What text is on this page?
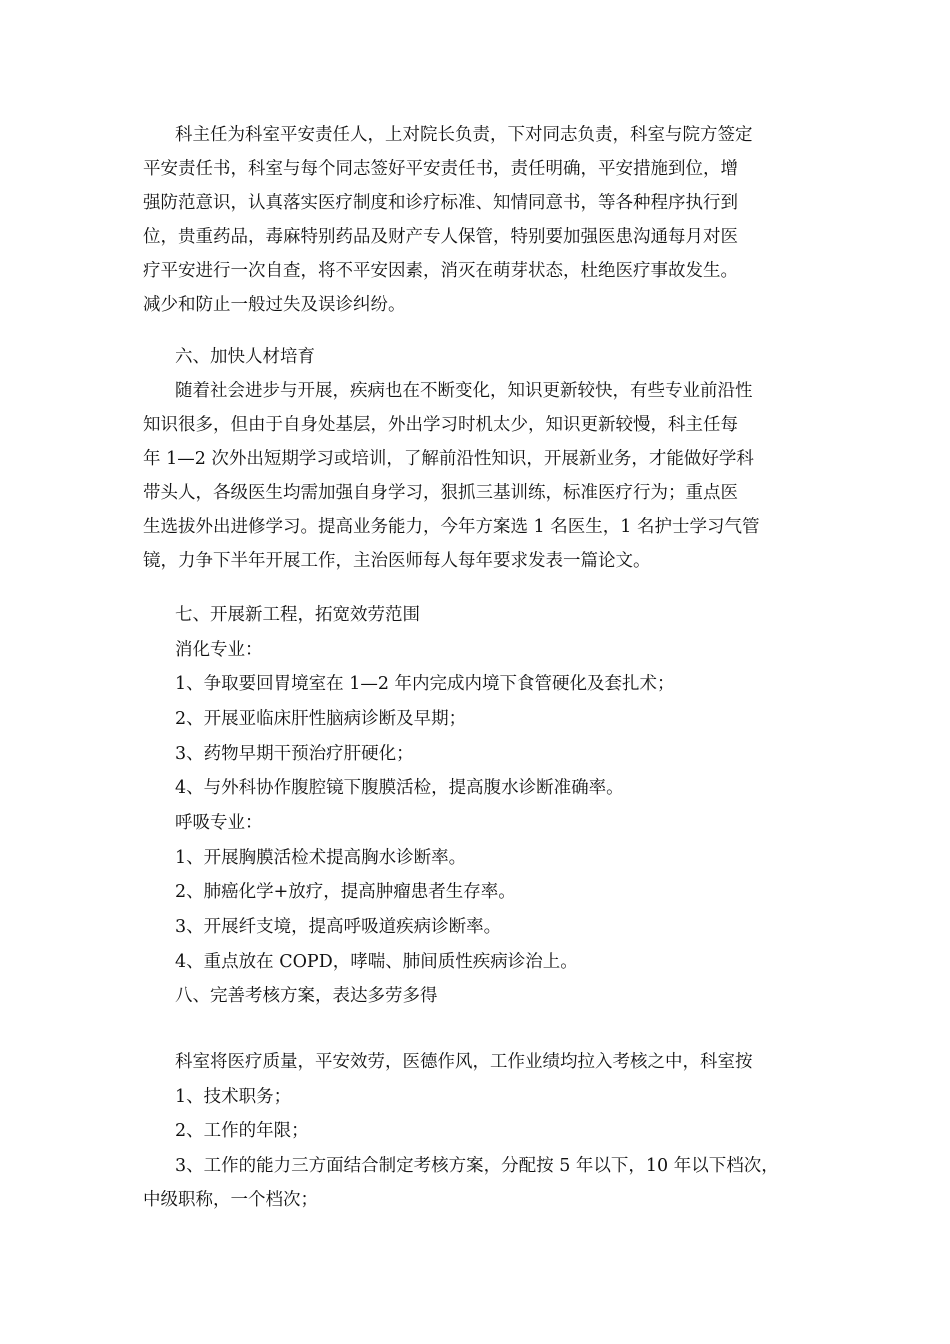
科主任为科室平安责任人，上对院长负责，下对同志负责，科室与院方签定
平安责任书，科室与每个同志签好平安责任书，责任明确，平安措施到位，增
强防范意识，认真落实医疗制度和诊疗标准、知情同意书，等各种程序执行到
位，贵重药品，毒麻特别药品及财产专人保管，特别要加强医患沟通每月对医
疗平安进行一次自查，将不平安因素，消灭在萌芽状态，杜绝医疗事故发生。
减少和防止一般过失及误诊纠纷。
六、加快人材培育
随着社会进步与开展，疾病也在不断变化，知识更新较快，有些专业前沿性
知识很多，但由于自身处基层，外出学习时机太少，知识更新较慢，科主任每
年 1—2 次外出短期学习或培训，了解前沿性知识，开展新业务，才能做好学科
带头人，各级医生均需加强自身学习，狠抓三基训练，标准医疗行为；重点医
生选拔外出进修学习。提高业务能力，今年方案选 1 名医生，1 名护士学习气管
镜，力争下半年开展工作，主治医师每人每年要求发表一篇论文。
七、开展新工程，拓宽效劳范围
消化专业：
1、争取要回胃境室在 1—2 年内完成内境下食管硬化及套扎术；
2、开展亚临床肝性脑病诊断及早期；
3、药物早期干预治疗肝硬化；
4、与外科协作腹腔镜下腹膜活检，提高腹水诊断准确率。
呼吸专业：
1、开展胸膜活检术提高胸水诊断率。
2、肺癌化学+放疗，提高肿瘤患者生存率。
3、开展纤支境，提高呼吸道疾病诊断率。
4、重点放在 COPD，哮喘、肺间质性疾病诊治上。
八、完善考核方案，表达多劳多得
科室将医疗质量，平安效劳，医德作风，工作业绩均拉入考核之中，科室按
1、技术职务；
2、工作的年限；
3、工作的能力三方面结合制定考核方案，分配按 5 年以下，10 年以下档次，
中级职称，一个档次；
